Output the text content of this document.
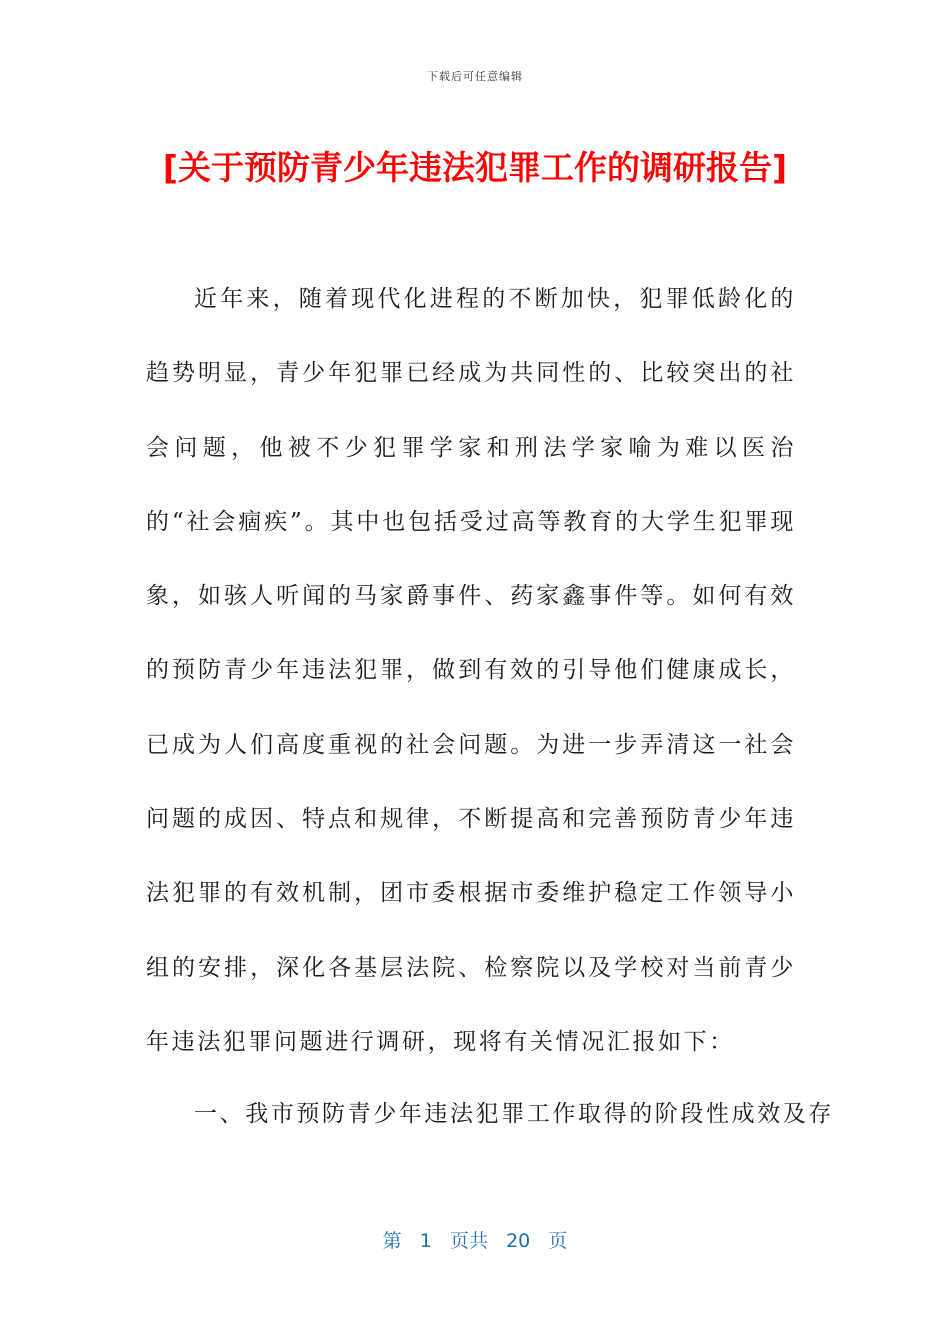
下载后可任意编辑
[关于预防青少年违法犯罪工作的调研报告]

近年来，随着现代化进程的不断加快，犯罪低龄化的趋势明显，青少年犯罪已经成为共同性的、比较突出的社会问题，他被不少犯罪学家和刑法学家喻为难以医治的“社会痼疾”。其中也包括受过高等教育的大学生犯罪现象，如骇人听闻的马家爵事件、药家鑫事件等。如何有效的预防青少年违法犯罪，做到有效的引导他们健康成长，已成为人们高度重视的社会问题。为进一步弄清这一社会问题的成因、特点和规律，不断提高和完善预防青少年违法犯罪的有效机制，团市委根据市委维护稳定工作领导小组的安排，深化各基层法院、检察院以及学校对当前青少年违法犯罪问题进行调研，现将有关情况汇报如下：

一、我市预防青少年违法犯罪工作取得的阶段性成效及存

第 1 页共 20 页
